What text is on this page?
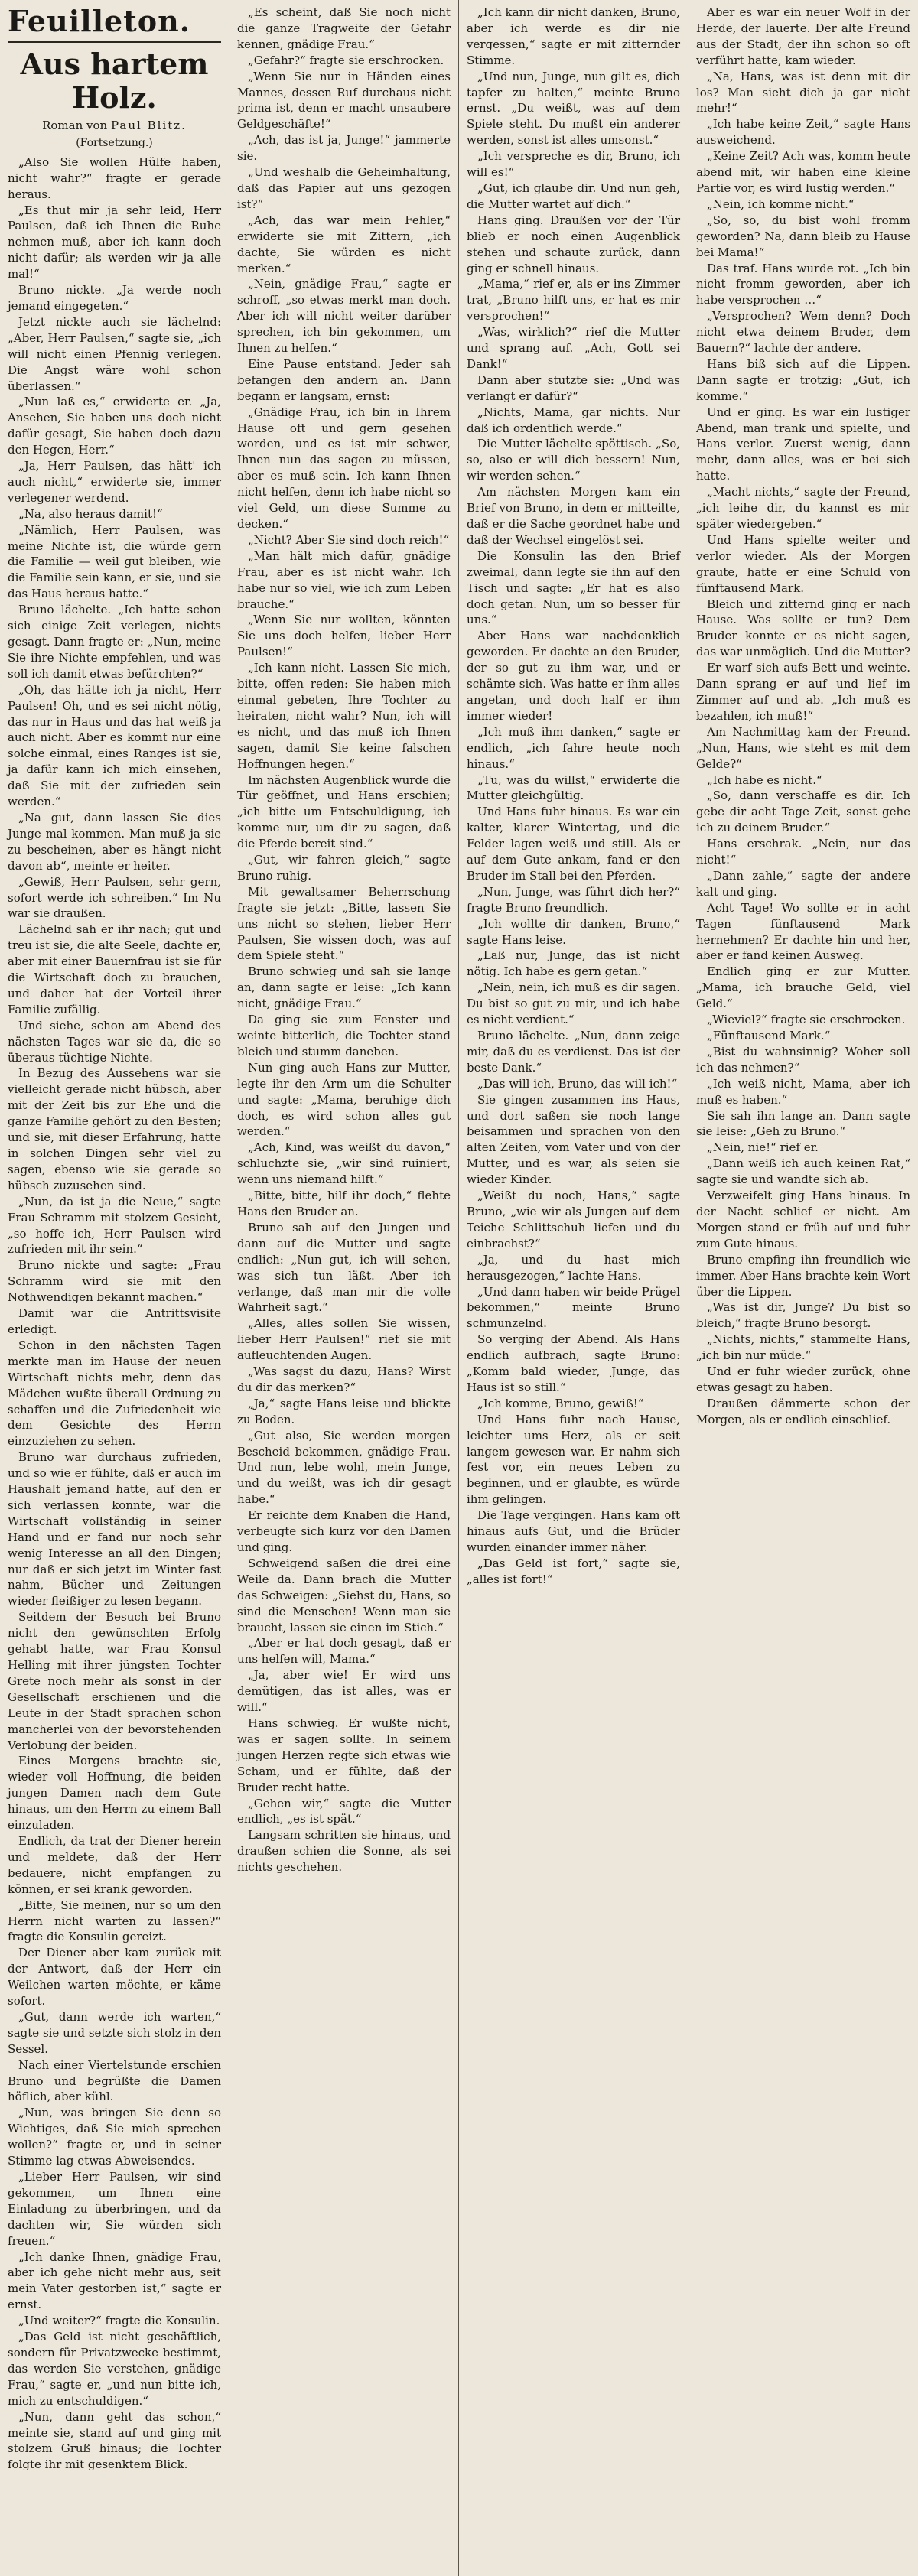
Feuilleton.
Aus hartem Holz.
Roman von Paul Blitz.
(Fortsetzung.)

„Also Sie wollen Hülfe haben, nicht wahr?“ fragte er gerade heraus.

„Es thut mir ja sehr leid, Herr Paulsen, daß ich Ihnen die Ruhe nehmen muß, aber ich kann doch nicht dafür; als werden wir ja alle mal!“

Bruno nickte. „Ja werde noch jemand eingegeten.“

Jetzt nickte auch sie lächelnd: „Aber, Herr Paulsen,“ sagte sie, „ich will nicht einen Pfennig verlegen. Die Angst wäre wohl schon überlassen.“

„Nun laß es,“ erwiderte er. „Ja, Ansehen, Sie haben uns doch nicht dafür gesagt, Sie haben doch dazu den Hegen, Herr.“

„Ja, Herr Paulsen, das hätt' ich auch nicht,“ erwiderte sie, immer verlegener werdend.

„Na, also heraus damit!“

„Nämlich, Herr Paulsen, was meine Nichte ist, die würde gern die Familie — weil gut bleiben, wie die Familie sein kann, er sie, und sie das Haus heraus hatte.“

Bruno lächelte. „Ich hatte schon sich einige Zeit verlegen, nichts gesagt. Dann fragte er: „Nun, meine Sie ihre Nichte empfehlen, und was soll ich damit etwas befürchten?“

„Oh, das hätte ich ja nicht, Herr Paulsen! Oh, und es sei nicht nötig, das nur in Haus und das hat weiß ja auch nicht. Aber es kommt nur eine solche einmal, eines Ranges ist sie, ja dafür kann ich mich einsehen, daß Sie mit der zufrieden sein werden.“

„Na gut, dann lassen Sie dies Junge mal kommen. Man muß ja sie zu bescheinen, aber es hängt nicht davon ab“, meinte er heiter.

„Gewiß, Herr Paulsen, sehr gern, sofort werde ich schreiben.“ Im Nu war sie draußen.

Lächelnd sah er ihr nach; gut und treu ist sie, die alte Seele, dachte er, aber mit einer Bauernfrau ist sie für die Wirtschaft doch zu brauchen, und daher hat der Vorteil ihrer Familie zufällig.

Und siehe, schon am Abend des nächsten Tages war sie da, die so überaus tüchtige Nichte.

In Bezug des Aussehens war sie vielleicht gerade nicht hübsch, aber mit der Zeit bis zur Ehe und die ganze Familie gehört zu den Besten; und sie, mit dieser Erfahrung, hatte in solchen Dingen sehr viel zu sagen, ebenso wie sie gerade so hübsch zuzusehen sind.

„Nun, da ist ja die Neue,“ sagte Frau Schramm mit stolzem Gesicht, „so hoffe ich, Herr Paulsen wird zufrieden mit ihr sein.“

Bruno nickte und sagte: „Frau Schramm wird sie mit den Nothwendigen bekannt machen.“

Damit war die Antrittsvisite erledigt.

Schon in den nächsten Tagen merkte man im Hause der neuen Wirtschaft nichts mehr, denn das Mädchen wußte überall Ordnung zu schaffen und die Zufriedenheit wie dem Gesichte des Herrn einzuziehen zu sehen.

Bruno war durchaus zufrieden, und so wie er fühlte, daß er auch im Haushalt jemand hatte, auf den er sich verlassen konnte, war die Wirtschaft vollständig in seiner Hand und er fand nur noch sehr wenig Interesse an all den Dingen; nur daß er sich jetzt im Winter fast nahm, Bücher und Zeitungen wieder fleißiger zu lesen begann.

Seitdem der Besuch bei Bruno nicht den gewünschten Erfolg gehabt hatte, war Frau Konsul Helling mit ihrer jüngsten Tochter Grete noch mehr als sonst in der Gesellschaft erschienen und die Leute in der Stadt sprachen schon mancherlei von der bevorstehenden Verlobung der beiden.

Eines Morgens brachte sie, wieder voll Hoffnung, die beiden jungen Damen nach dem Gute hinaus, um den Herrn zu einem Ball einzuladen.

Endlich, da trat der Diener herein und meldete, daß der Herr bedauere, nicht empfangen zu können, er sei krank geworden.

„Bitte, Sie meinen, nur so um den Herrn nicht warten zu lassen?“ fragte die Konsulin gereizt.

Der Diener aber kam zurück mit der Antwort, daß der Herr ein Weilchen warten möchte, er käme sofort.

„Gut, dann werde ich warten,“ sagte sie und setzte sich stolz in den Sessel.

Nach einer Viertelstunde erschien Bruno und begrüßte die Damen höflich, aber kühl.

„Nun, was bringen Sie denn so Wichtiges, daß Sie mich sprechen wollen?“ fragte er, und in seiner Stimme lag etwas Abweisendes.

„Lieber Herr Paulsen, wir sind gekommen, um Ihnen eine Einladung zu überbringen, und da dachten wir, Sie würden sich freuen.“

„Ich danke Ihnen, gnädige Frau, aber ich gehe nicht mehr aus, seit mein Vater gestorben ist,“ sagte er ernst.

„Und weiter?“ fragte die Konsulin.

„Das Geld ist nicht geschäftlich, sondern für Privatzwecke bestimmt, das werden Sie verstehen, gnädige Frau,“ sagte er, „und nun bitte ich, mich zu entschuldigen.“

„Nun, dann geht das schon,“ meinte sie, stand auf und ging mit stolzem Gruß hinaus; die Tochter folgte ihr mit gesenktem Blick.

„Es scheint, daß Sie noch nicht die ganze Tragweite der Gefahr kennen, gnädige Frau.“

„Gefahr?“ fragte sie erschrocken.

„Wenn Sie nur in Händen eines Mannes, dessen Ruf durchaus nicht prima ist, denn er macht unsaubere Geldgeschäfte!“

„Ach, das ist ja, Junge!“ jammerte sie.

„Und weshalb die Geheimhaltung, daß das Papier auf uns gezogen ist?“

„Ach, das war mein Fehler,“ erwiderte sie mit Zittern, „ich dachte, Sie würden es nicht merken.“

„Nein, gnädige Frau,“ sagte er schroff, „so etwas merkt man doch. Aber ich will nicht weiter darüber sprechen, ich bin gekommen, um Ihnen zu helfen.“

Eine Pause entstand. Jeder sah befangen den andern an. Dann begann er langsam, ernst:

„Gnädige Frau, ich bin in Ihrem Hause oft und gern gesehen worden, und es ist mir schwer, Ihnen nun das sagen zu müssen, aber es muß sein. Ich kann Ihnen nicht helfen, denn ich habe nicht so viel Geld, um diese Summe zu decken.“

„Nicht? Aber Sie sind doch reich!“

„Man hält mich dafür, gnädige Frau, aber es ist nicht wahr. Ich habe nur so viel, wie ich zum Leben brauche.“

„Wenn Sie nur wollten, könnten Sie uns doch helfen, lieber Herr Paulsen!“

„Ich kann nicht. Lassen Sie mich, bitte, offen reden: Sie haben mich einmal gebeten, Ihre Tochter zu heiraten, nicht wahr? Nun, ich will es nicht, und das muß ich Ihnen sagen, damit Sie keine falschen Hoffnungen hegen.“

Im nächsten Augenblick wurde die Tür geöffnet, und Hans erschien; „ich bitte um Entschuldigung, ich komme nur, um dir zu sagen, daß die Pferde bereit sind.“

„Gut, wir fahren gleich,“ sagte Bruno ruhig.

Mit gewaltsamer Beherrschung fragte sie jetzt: „Bitte, lassen Sie uns nicht so stehen, lieber Herr Paulsen, Sie wissen doch, was auf dem Spiele steht.“

Bruno schwieg und sah sie lange an, dann sagte er leise: „Ich kann nicht, gnädige Frau.“

Da ging sie zum Fenster und weinte bitterlich, die Tochter stand bleich und stumm daneben.

Nun ging auch Hans zur Mutter, legte ihr den Arm um die Schulter und sagte: „Mama, beruhige dich doch, es wird schon alles gut werden.“

„Ach, Kind, was weißt du davon,“ schluchzte sie, „wir sind ruiniert, wenn uns niemand hilft.“

„Bitte, bitte, hilf ihr doch,“ flehte Hans den Bruder an.

Bruno sah auf den Jungen und dann auf die Mutter und sagte endlich: „Nun gut, ich will sehen, was sich tun läßt. Aber ich verlange, daß man mir die volle Wahrheit sagt.“

„Alles, alles sollen Sie wissen, lieber Herr Paulsen!“ rief sie mit aufleuchtenden Augen.

„Was sagst du dazu, Hans? Wirst du dir das merken?“

„Ja,“ sagte Hans leise und blickte zu Boden.

„Gut also, Sie werden morgen Bescheid bekommen, gnädige Frau. Und nun, lebe wohl, mein Junge, und du weißt, was ich dir gesagt habe.“

Er reichte dem Knaben die Hand, verbeugte sich kurz vor den Damen und ging.

Schweigend saßen die drei eine Weile da. Dann brach die Mutter das Schweigen: „Siehst du, Hans, so sind die Menschen! Wenn man sie braucht, lassen sie einen im Stich.“

„Aber er hat doch gesagt, daß er uns helfen will, Mama.“

„Ja, aber wie! Er wird uns demütigen, das ist alles, was er will.“

Hans schwieg. Er wußte nicht, was er sagen sollte. In seinem jungen Herzen regte sich etwas wie Scham, und er fühlte, daß der Bruder recht hatte.

„Gehen wir,“ sagte die Mutter endlich, „es ist spät.“

Langsam schritten sie hinaus, und draußen schien die Sonne, als sei nichts geschehen.

„Ich kann dir nicht danken, Bruno, aber ich werde es dir nie vergessen,“ sagte er mit zitternder Stimme.

„Und nun, Junge, nun gilt es, dich tapfer zu halten,“ meinte Bruno ernst. „Du weißt, was auf dem Spiele steht. Du mußt ein anderer werden, sonst ist alles umsonst.“

„Ich verspreche es dir, Bruno, ich will es!“

„Gut, ich glaube dir. Und nun geh, die Mutter wartet auf dich.“

Hans ging. Draußen vor der Tür blieb er noch einen Augenblick stehen und schaute zurück, dann ging er schnell hinaus.

„Mama,“ rief er, als er ins Zimmer trat, „Bruno hilft uns, er hat es mir versprochen!“

„Was, wirklich?“ rief die Mutter und sprang auf. „Ach, Gott sei Dank!“

Dann aber stutzte sie: „Und was verlangt er dafür?“

„Nichts, Mama, gar nichts. Nur daß ich ordentlich werde.“

Die Mutter lächelte spöttisch. „So, so, also er will dich bessern! Nun, wir werden sehen.“

Am nächsten Morgen kam ein Brief von Bruno, in dem er mitteilte, daß er die Sache geordnet habe und daß der Wechsel eingelöst sei.

Die Konsulin las den Brief zweimal, dann legte sie ihn auf den Tisch und sagte: „Er hat es also doch getan. Nun, um so besser für uns.“

Aber Hans war nachdenklich geworden. Er dachte an den Bruder, der so gut zu ihm war, und er schämte sich. Was hatte er ihm alles angetan, und doch half er ihm immer wieder!

„Ich muß ihm danken,“ sagte er endlich, „ich fahre heute noch hinaus.“

„Tu, was du willst,“ erwiderte die Mutter gleichgültig.

Und Hans fuhr hinaus. Es war ein kalter, klarer Wintertag, und die Felder lagen weiß und still. Als er auf dem Gute ankam, fand er den Bruder im Stall bei den Pferden.

„Nun, Junge, was führt dich her?“ fragte Bruno freundlich.

„Ich wollte dir danken, Bruno,“ sagte Hans leise.

„Laß nur, Junge, das ist nicht nötig. Ich habe es gern getan.“

„Nein, nein, ich muß es dir sagen. Du bist so gut zu mir, und ich habe es nicht verdient.“

Bruno lächelte. „Nun, dann zeige mir, daß du es verdienst. Das ist der beste Dank.“

„Das will ich, Bruno, das will ich!“

Sie gingen zusammen ins Haus, und dort saßen sie noch lange beisammen und sprachen von den alten Zeiten, vom Vater und von der Mutter, und es war, als seien sie wieder Kinder.

„Weißt du noch, Hans,“ sagte Bruno, „wie wir als Jungen auf dem Teiche Schlittschuh liefen und du einbrachst?“

„Ja, und du hast mich herausgezogen,“ lachte Hans.

„Und dann haben wir beide Prügel bekommen,“ meinte Bruno schmunzelnd.

So verging der Abend. Als Hans endlich aufbrach, sagte Bruno: „Komm bald wieder, Junge, das Haus ist so still.“

„Ich komme, Bruno, gewiß!“

Und Hans fuhr nach Hause, leichter ums Herz, als er seit langem gewesen war. Er nahm sich fest vor, ein neues Leben zu beginnen, und er glaubte, es würde ihm gelingen.

Die Tage vergingen. Hans kam oft hinaus aufs Gut, und die Brüder wurden einander immer näher.

„Das Geld ist fort,“ sagte sie, „alles ist fort!“

Aber es war ein neuer Wolf in der Herde, der lauerte. Der alte Freund aus der Stadt, der ihn schon so oft verführt hatte, kam wieder.

„Na, Hans, was ist denn mit dir los? Man sieht dich ja gar nicht mehr!“

„Ich habe keine Zeit,“ sagte Hans ausweichend.

„Keine Zeit? Ach was, komm heute abend mit, wir haben eine kleine Partie vor, es wird lustig werden.“

„Nein, ich komme nicht.“

„So, so, du bist wohl fromm geworden? Na, dann bleib zu Hause bei Mama!“

Das traf. Hans wurde rot. „Ich bin nicht fromm geworden, aber ich habe versprochen …“

„Versprochen? Wem denn? Doch nicht etwa deinem Bruder, dem Bauern?“ lachte der andere.

Hans biß sich auf die Lippen. Dann sagte er trotzig: „Gut, ich komme.“

Und er ging. Es war ein lustiger Abend, man trank und spielte, und Hans verlor. Zuerst wenig, dann mehr, dann alles, was er bei sich hatte.

„Macht nichts,“ sagte der Freund, „ich leihe dir, du kannst es mir später wiedergeben.“

Und Hans spielte weiter und verlor wieder. Als der Morgen graute, hatte er eine Schuld von fünftausend Mark.

Bleich und zitternd ging er nach Hause. Was sollte er tun? Dem Bruder konnte er es nicht sagen, das war unmöglich. Und die Mutter?

Er warf sich aufs Bett und weinte. Dann sprang er auf und lief im Zimmer auf und ab. „Ich muß es bezahlen, ich muß!“

Am Nachmittag kam der Freund. „Nun, Hans, wie steht es mit dem Gelde?“

„Ich habe es nicht.“

„So, dann verschaffe es dir. Ich gebe dir acht Tage Zeit, sonst gehe ich zu deinem Bruder.“

Hans erschrak. „Nein, nur das nicht!“

„Dann zahle,“ sagte der andere kalt und ging.

Acht Tage! Wo sollte er in acht Tagen fünftausend Mark hernehmen? Er dachte hin und her, aber er fand keinen Ausweg.

Endlich ging er zur Mutter. „Mama, ich brauche Geld, viel Geld.“

„Wieviel?“ fragte sie erschrocken.

„Fünftausend Mark.“

„Bist du wahnsinnig? Woher soll ich das nehmen?“

„Ich weiß nicht, Mama, aber ich muß es haben.“

Sie sah ihn lange an. Dann sagte sie leise: „Geh zu Bruno.“

„Nein, nie!“ rief er.

„Dann weiß ich auch keinen Rat,“ sagte sie und wandte sich ab.

Verzweifelt ging Hans hinaus. In der Nacht schlief er nicht. Am Morgen stand er früh auf und fuhr zum Gute hinaus.

Bruno empfing ihn freundlich wie immer. Aber Hans brachte kein Wort über die Lippen.

„Was ist dir, Junge? Du bist so bleich,“ fragte Bruno besorgt.

„Nichts, nichts,“ stammelte Hans, „ich bin nur müde.“

Und er fuhr wieder zurück, ohne etwas gesagt zu haben.

Draußen dämmerte schon der Morgen, als er endlich einschlief.
